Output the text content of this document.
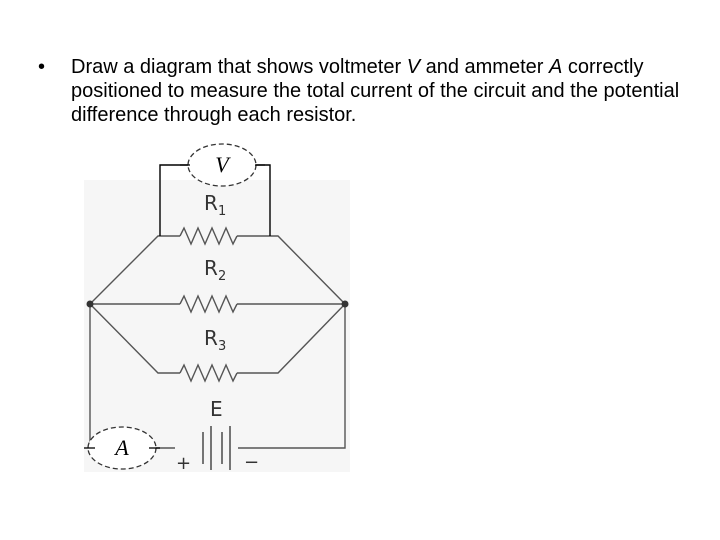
• Draw a diagram that shows voltmeter V and ammeter A correctly positioned to measure the total current of the circuit and the potential difference through each resistor.
V
A
R 1
R 2
R 3
E
+	−
